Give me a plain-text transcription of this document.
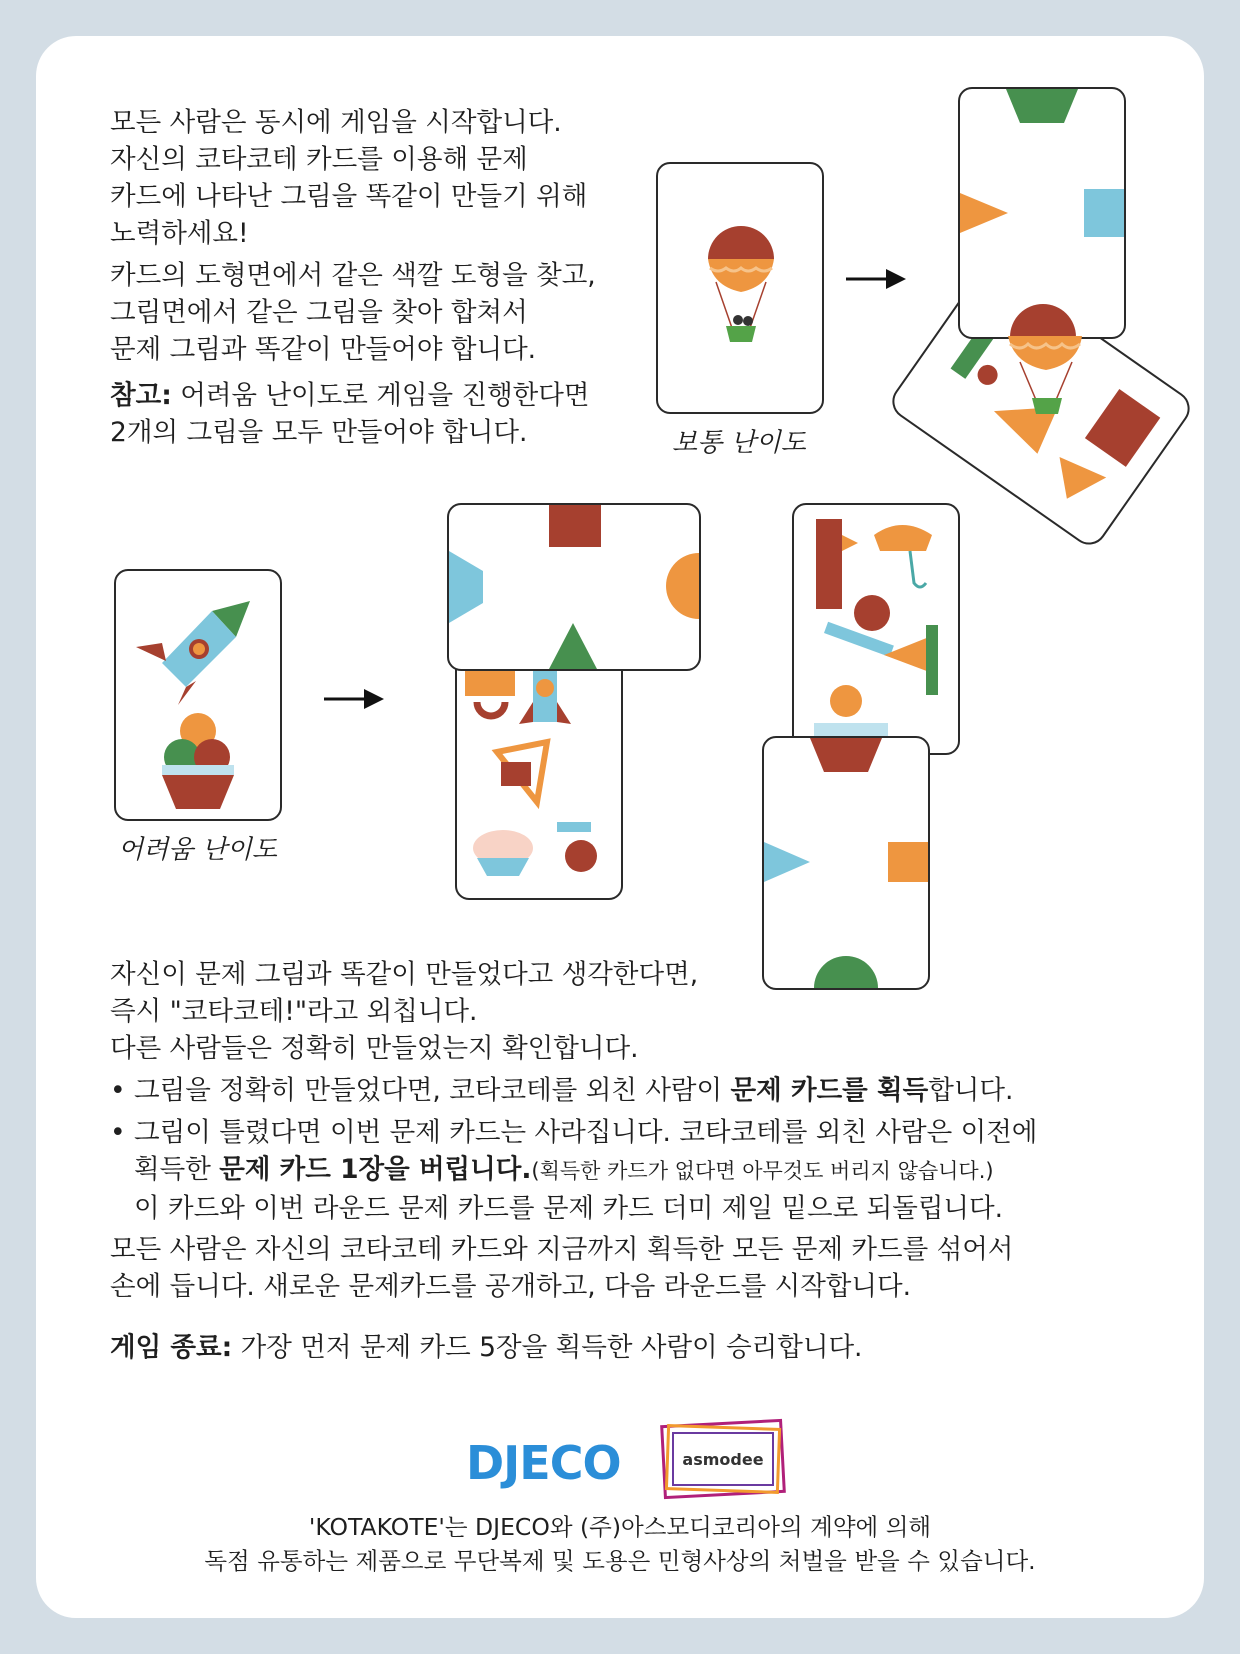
모든 사람은 동시에 게임을 시작합니다.

자신의 코타코테 카드를 이용해 문제

카드에 나타난 그림을 똑같이 만들기 위해

노력하세요!

카드의 도형면에서 같은 색깔 도형을 찾고,

그림면에서 같은 그림을 찾아 합쳐서

문제 그림과 똑같이 만들어야 합니다.

참고: 어려움 난이도로 게임을 진행한다면

2개의 그림을 모두 만들어야 합니다.	보통 난이도
어려움 난이도

자신이 문제 그림과 똑같이 만들었다고 생각한다면,

즉시 "코타코테!"라고 외칩니다.

다른 사람들은 정확히 만들었는지 확인합니다.

• 그림을 정확히 만들었다면, 코타코테를 외친 사람이 문제 카드를 획득합니다.

• 그림이 틀렸다면 이번 문제 카드는 사라집니다. 코타코테를 외친 사람은 이전에

획득한 문제 카드 1장을 버립니다.(획득한 카드가 없다면 아무것도 버리지 않습니다.)

이 카드와 이번 라운드 문제 카드를 문제 카드 더미 제일 밑으로 되돌립니다.

모든 사람은 자신의 코타코테 카드와 지금까지 획득한 모든 문제 카드를 섞어서

손에 듭니다. 새로운 문제카드를 공개하고, 다음 라운드를 시작합니다.

게임 종료: 가장 먼저 문제 카드 5장을 획득한 사람이 승리합니다.

DJECO	asmodee

'KOTAKOTE'는 DJECO와 (주)아스모디코리아의 계약에 의해

독점 유통하는 제품으로 무단복제 및 도용은 민형사상의 처벌을 받을 수 있습니다.
